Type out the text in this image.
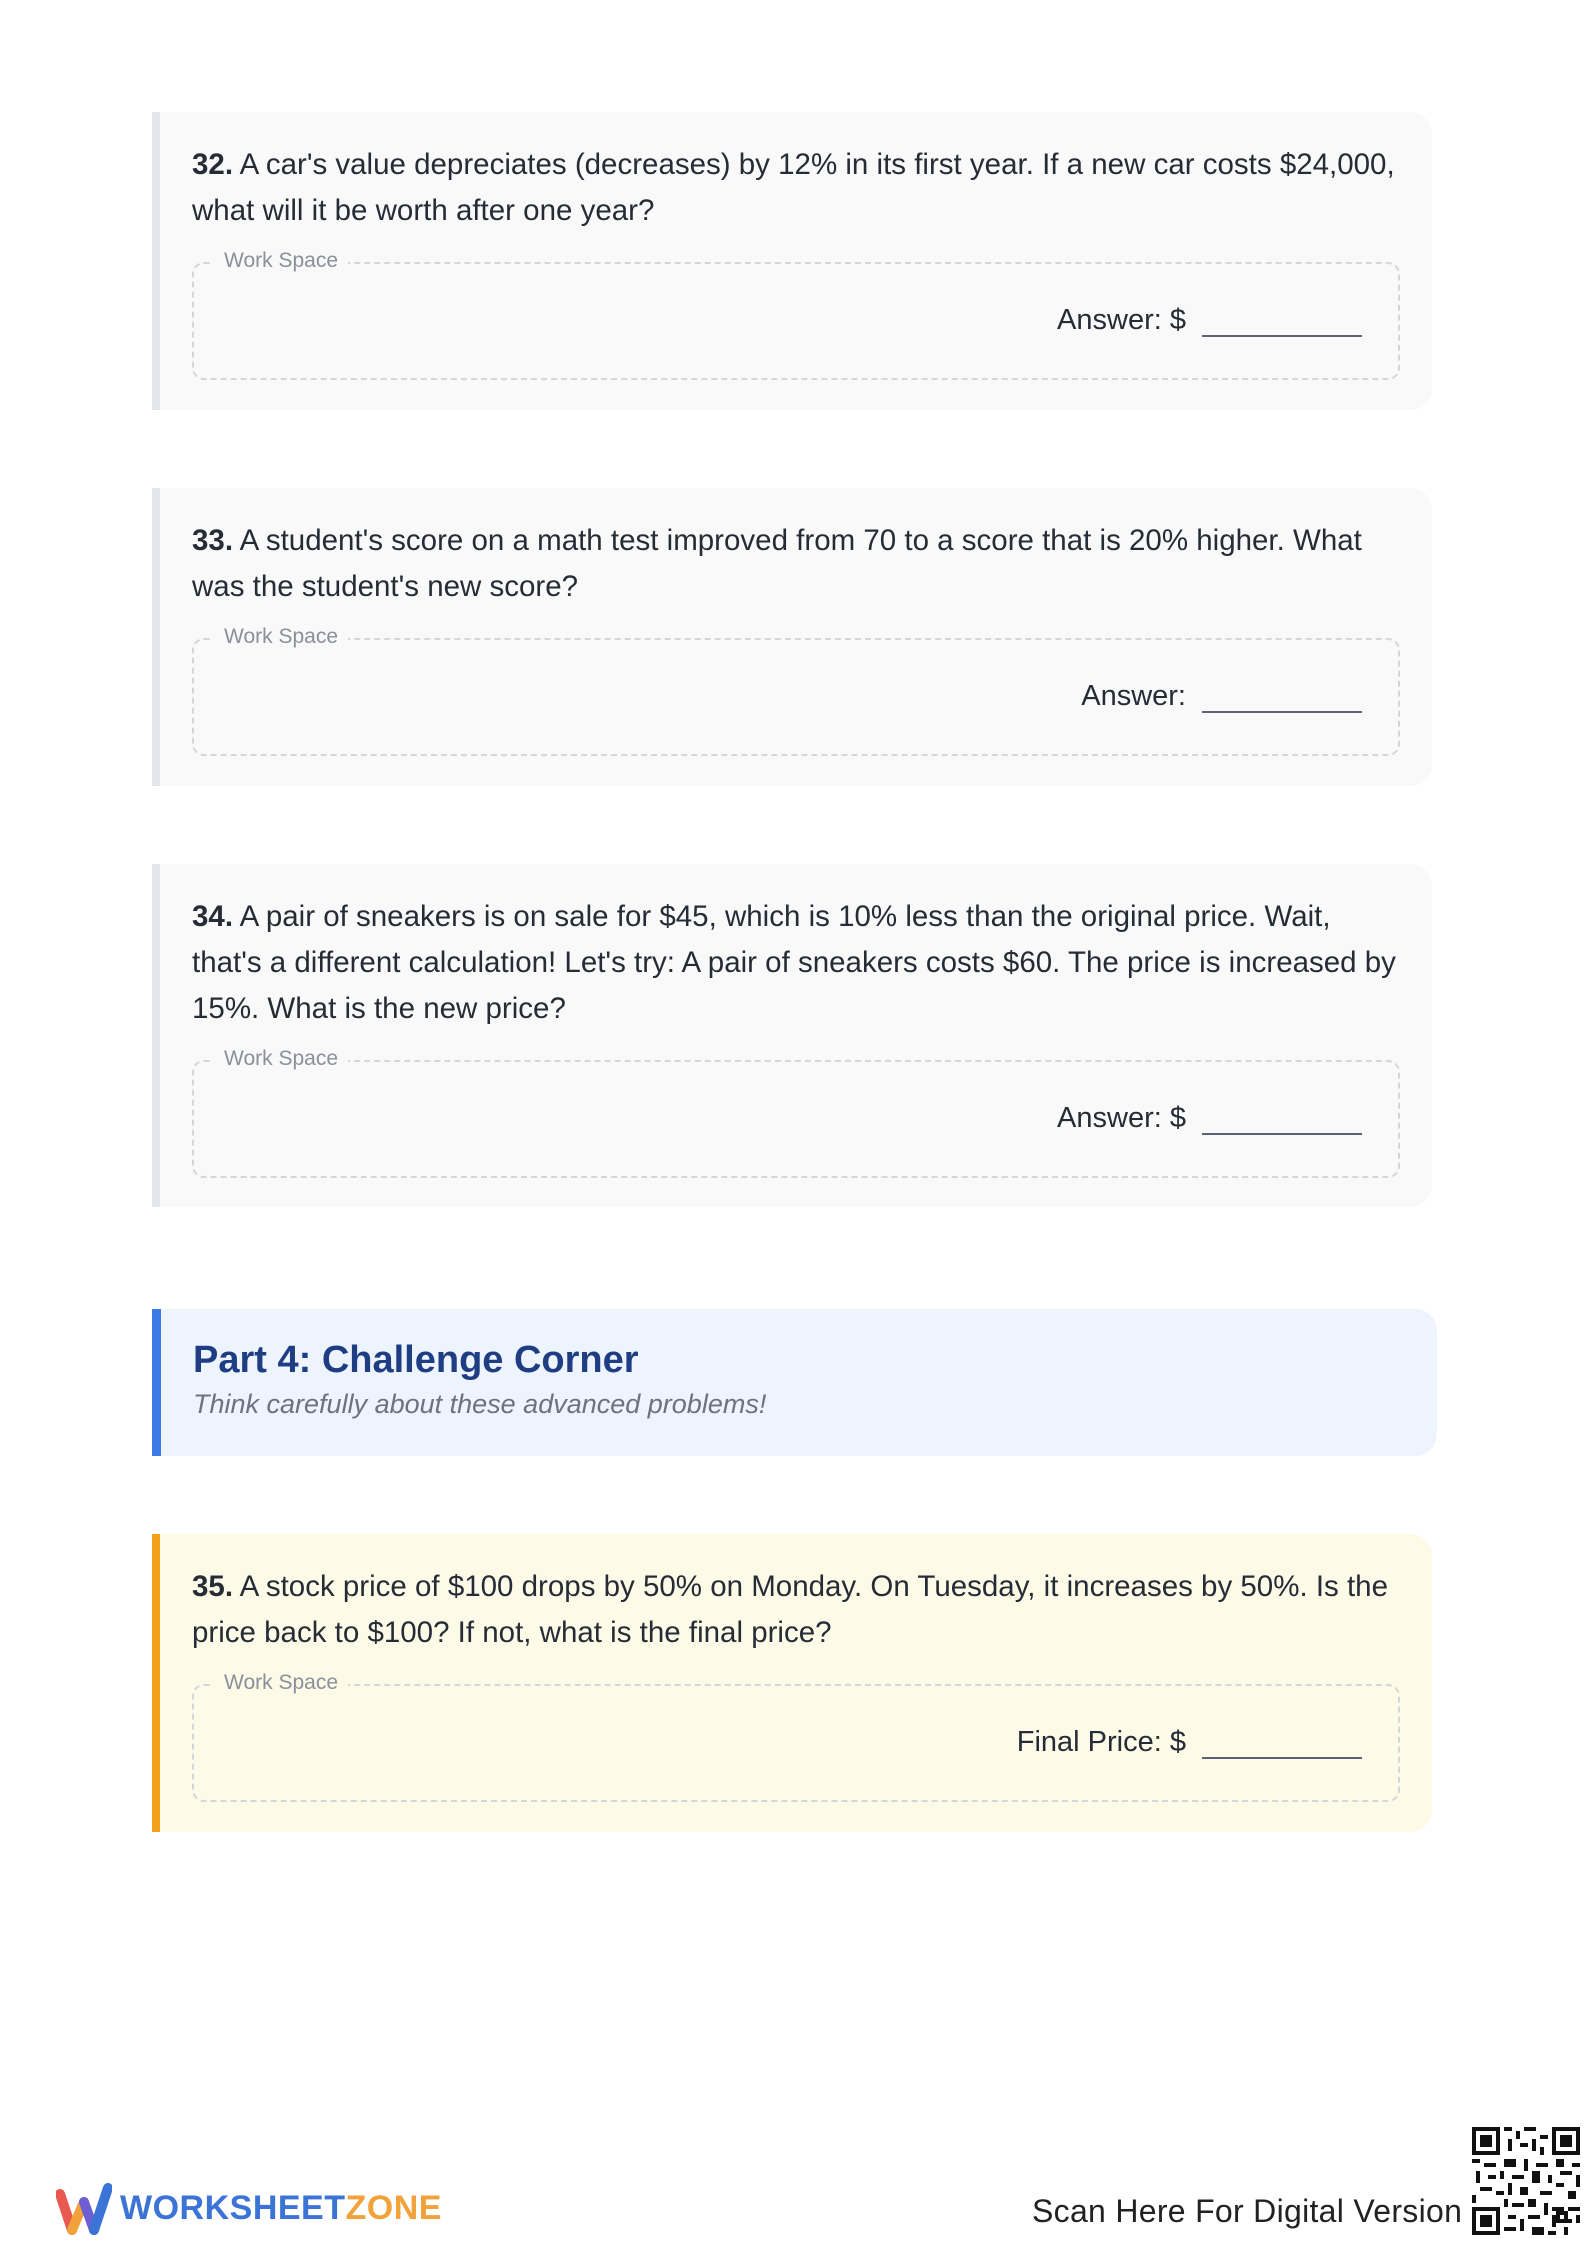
32. A car's value depreciates (decreases) by 12% in its first year. If a new car costs $24,000, what will it be worth after one year?

Work Space
Answer: $

33. A student's score on a math test improved from 70 to a score that is 20% higher. What was the student's new score?

Work Space
Answer:

34. A pair of sneakers is on sale for $45, which is 10% less than the original price. Wait, that's a different calculation! Let's try: A pair of sneakers costs $60. The price is increased by 15%. What is the new price?

Work Space
Answer: $

Part 4: Challenge Corner

Think carefully about these advanced problems!

35. A stock price of $100 drops by 50% on Monday. On Tuesday, it increases by 50%. Is the price back to $100? If not, what is the final price?

Work Space
Final Price: $
WORKSHEETZONE	Scan Here For Digital Version
